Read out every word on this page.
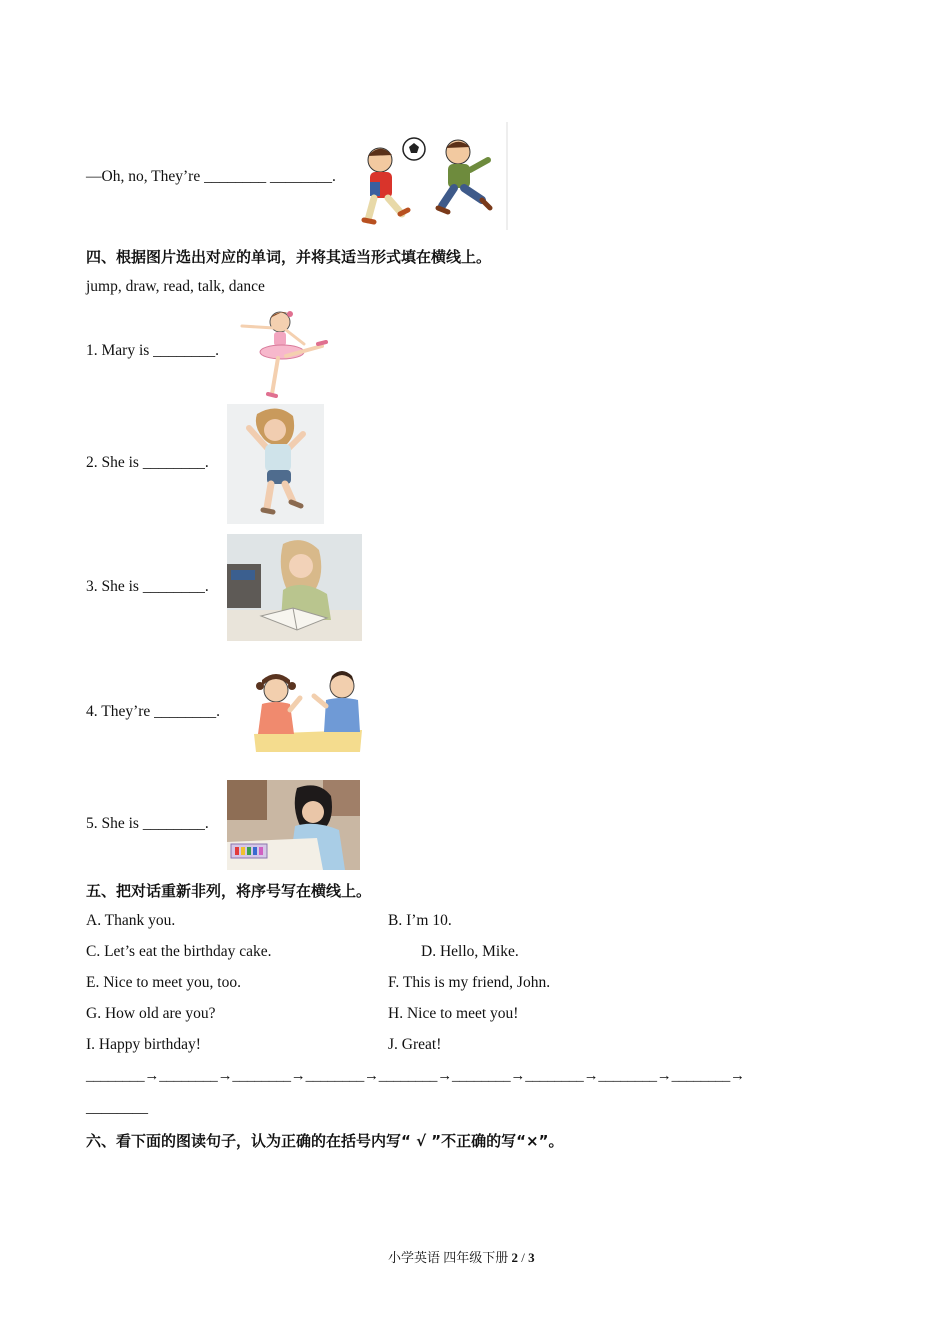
—Oh, no, They’re ________ ________.
四、根据图片选出对应的单词，并将其适当形式填在横线上。
jump, draw, read, talk, dance
1. Mary is ________.
2. She is ________.
3. She is ________.
4. They’re ________.
5. She is ________.
五、把对话重新非列，将序号写在横线上。
A. Thank you.	B. I’m 10.
C. Let’s eat the birthday cake.	D. Hello, Mike.
E. Nice to meet you, too.	F. This is my friend, John.
G. How old are you?	H. Nice to meet you!
I. Happy birthday!	J. Great!
________→________→________→________→________→________→________→________→________→
________
六、看下面的图读句子，认为正确的在括号内写“ √ ”不正确的写“×”。
小学英语 四年级下册 2 / 3
